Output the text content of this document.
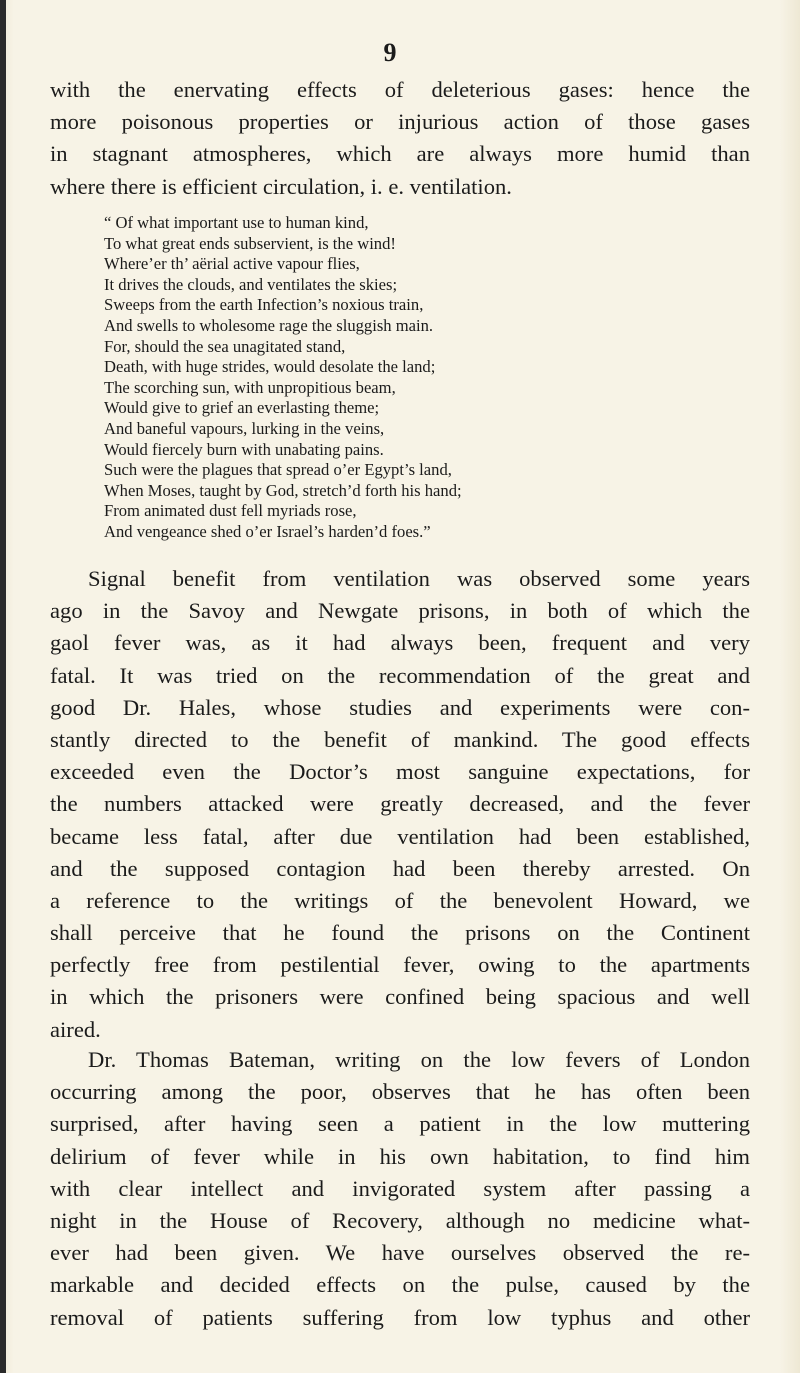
9
with the enervating effects of deleterious gases: hence the
more poisonous properties or injurious action of those gases
in stagnant atmospheres, which are always more humid than
where there is efficient circulation, i. e. ventilation.
“ Of what important use to human kind,
To what great ends subservient, is the wind!
Where’er th’ aërial active vapour flies,
It drives the clouds, and ventilates the skies;
Sweeps from the earth Infection’s noxious train,
And swells to wholesome rage the sluggish main.
For, should the sea unagitated stand,
Death, with huge strides, would desolate the land;
The scorching sun, with unpropitious beam,
Would give to grief an everlasting theme;
And baneful vapours, lurking in the veins,
Would fiercely burn with unabating pains.
Such were the plagues that spread o’er Egypt’s land,
When Moses, taught by God, stretch’d forth his hand;
From animated dust fell myriads rose,
And vengeance shed o’er Israel’s harden’d foes.”
Signal benefit from ventilation was observed some years
ago in the Savoy and Newgate prisons, in both of which the
gaol fever was, as it had always been, frequent and very
fatal. It was tried on the recommendation of the great and
good Dr. Hales, whose studies and experiments were con-
stantly directed to the benefit of mankind. The good effects
exceeded even the Doctor’s most sanguine expectations, for
the numbers attacked were greatly decreased, and the fever
became less fatal, after due ventilation had been established,
and the supposed contagion had been thereby arrested. On
a reference to the writings of the benevolent Howard, we
shall perceive that he found the prisons on the Continent
perfectly free from pestilential fever, owing to the apartments
in which the prisoners were confined being spacious and well
aired.
Dr. Thomas Bateman, writing on the low fevers of London
occurring among the poor, observes that he has often been
surprised, after having seen a patient in the low muttering
delirium of fever while in his own habitation, to find him
with clear intellect and invigorated system after passing a
night in the House of Recovery, although no medicine what-
ever had been given. We have ourselves observed the re-
markable and decided effects on the pulse, caused by the
removal of patients suffering from low typhus and other
